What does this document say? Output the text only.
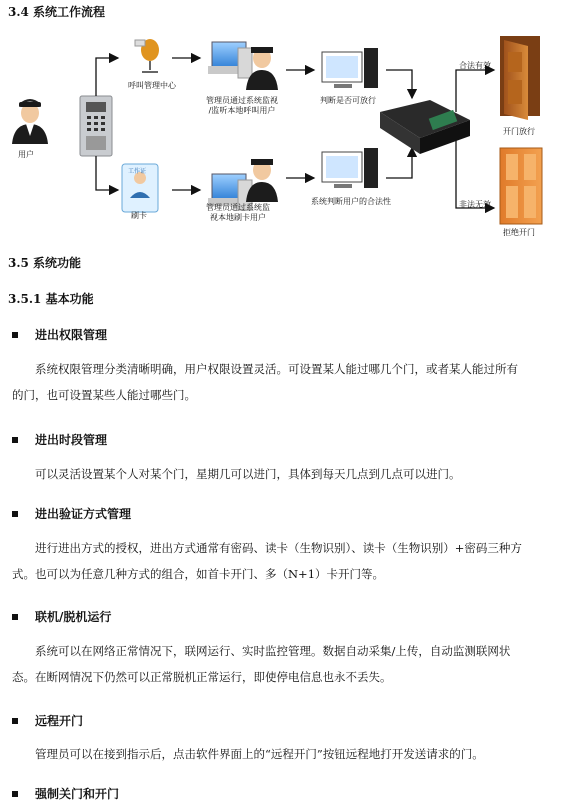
3.4 系统工作流程
用户
呼叫管理中心
管理员通过系统监视
/监听本地呼叫用户
判断是否可放行
合法有效
开门放行
刷卡
管理员通过系统监
视本地刷卡用户
系统判断用户的合法性	非法无效
拒绝开门
工作证
3.5 系统功能
3.5.1 基本功能
进出权限管理
系统权限管理分类清晰明确，用户权限设置灵活。可设置某人能过哪几个门，或者某人能过所有
的门，也可设置某些人能过哪些门。
进出时段管理
可以灵活设置某个人对某个门，星期几可以进门，具体到每天几点到几点可以进门。
进出验证方式管理
进行进出方式的授权，进出方式通常有密码、读卡（生物识别）、读卡（生物识别）+密码三种方
式。也可以为任意几种方式的组合，如首卡开门、多（N+1）卡开门等。
联机/脱机运行
系统可以在网络正常情况下，联网运行、实时监控管理。数据自动采集/上传，自动监测联网状
态。在断网情况下仍然可以正常脱机正常运行，即使停电信息也永不丢失。
远程开门
管理员可以在接到指示后，点击软件界面上的“远程开门”按钮远程地打开发送请求的门。
强制关门和开门
